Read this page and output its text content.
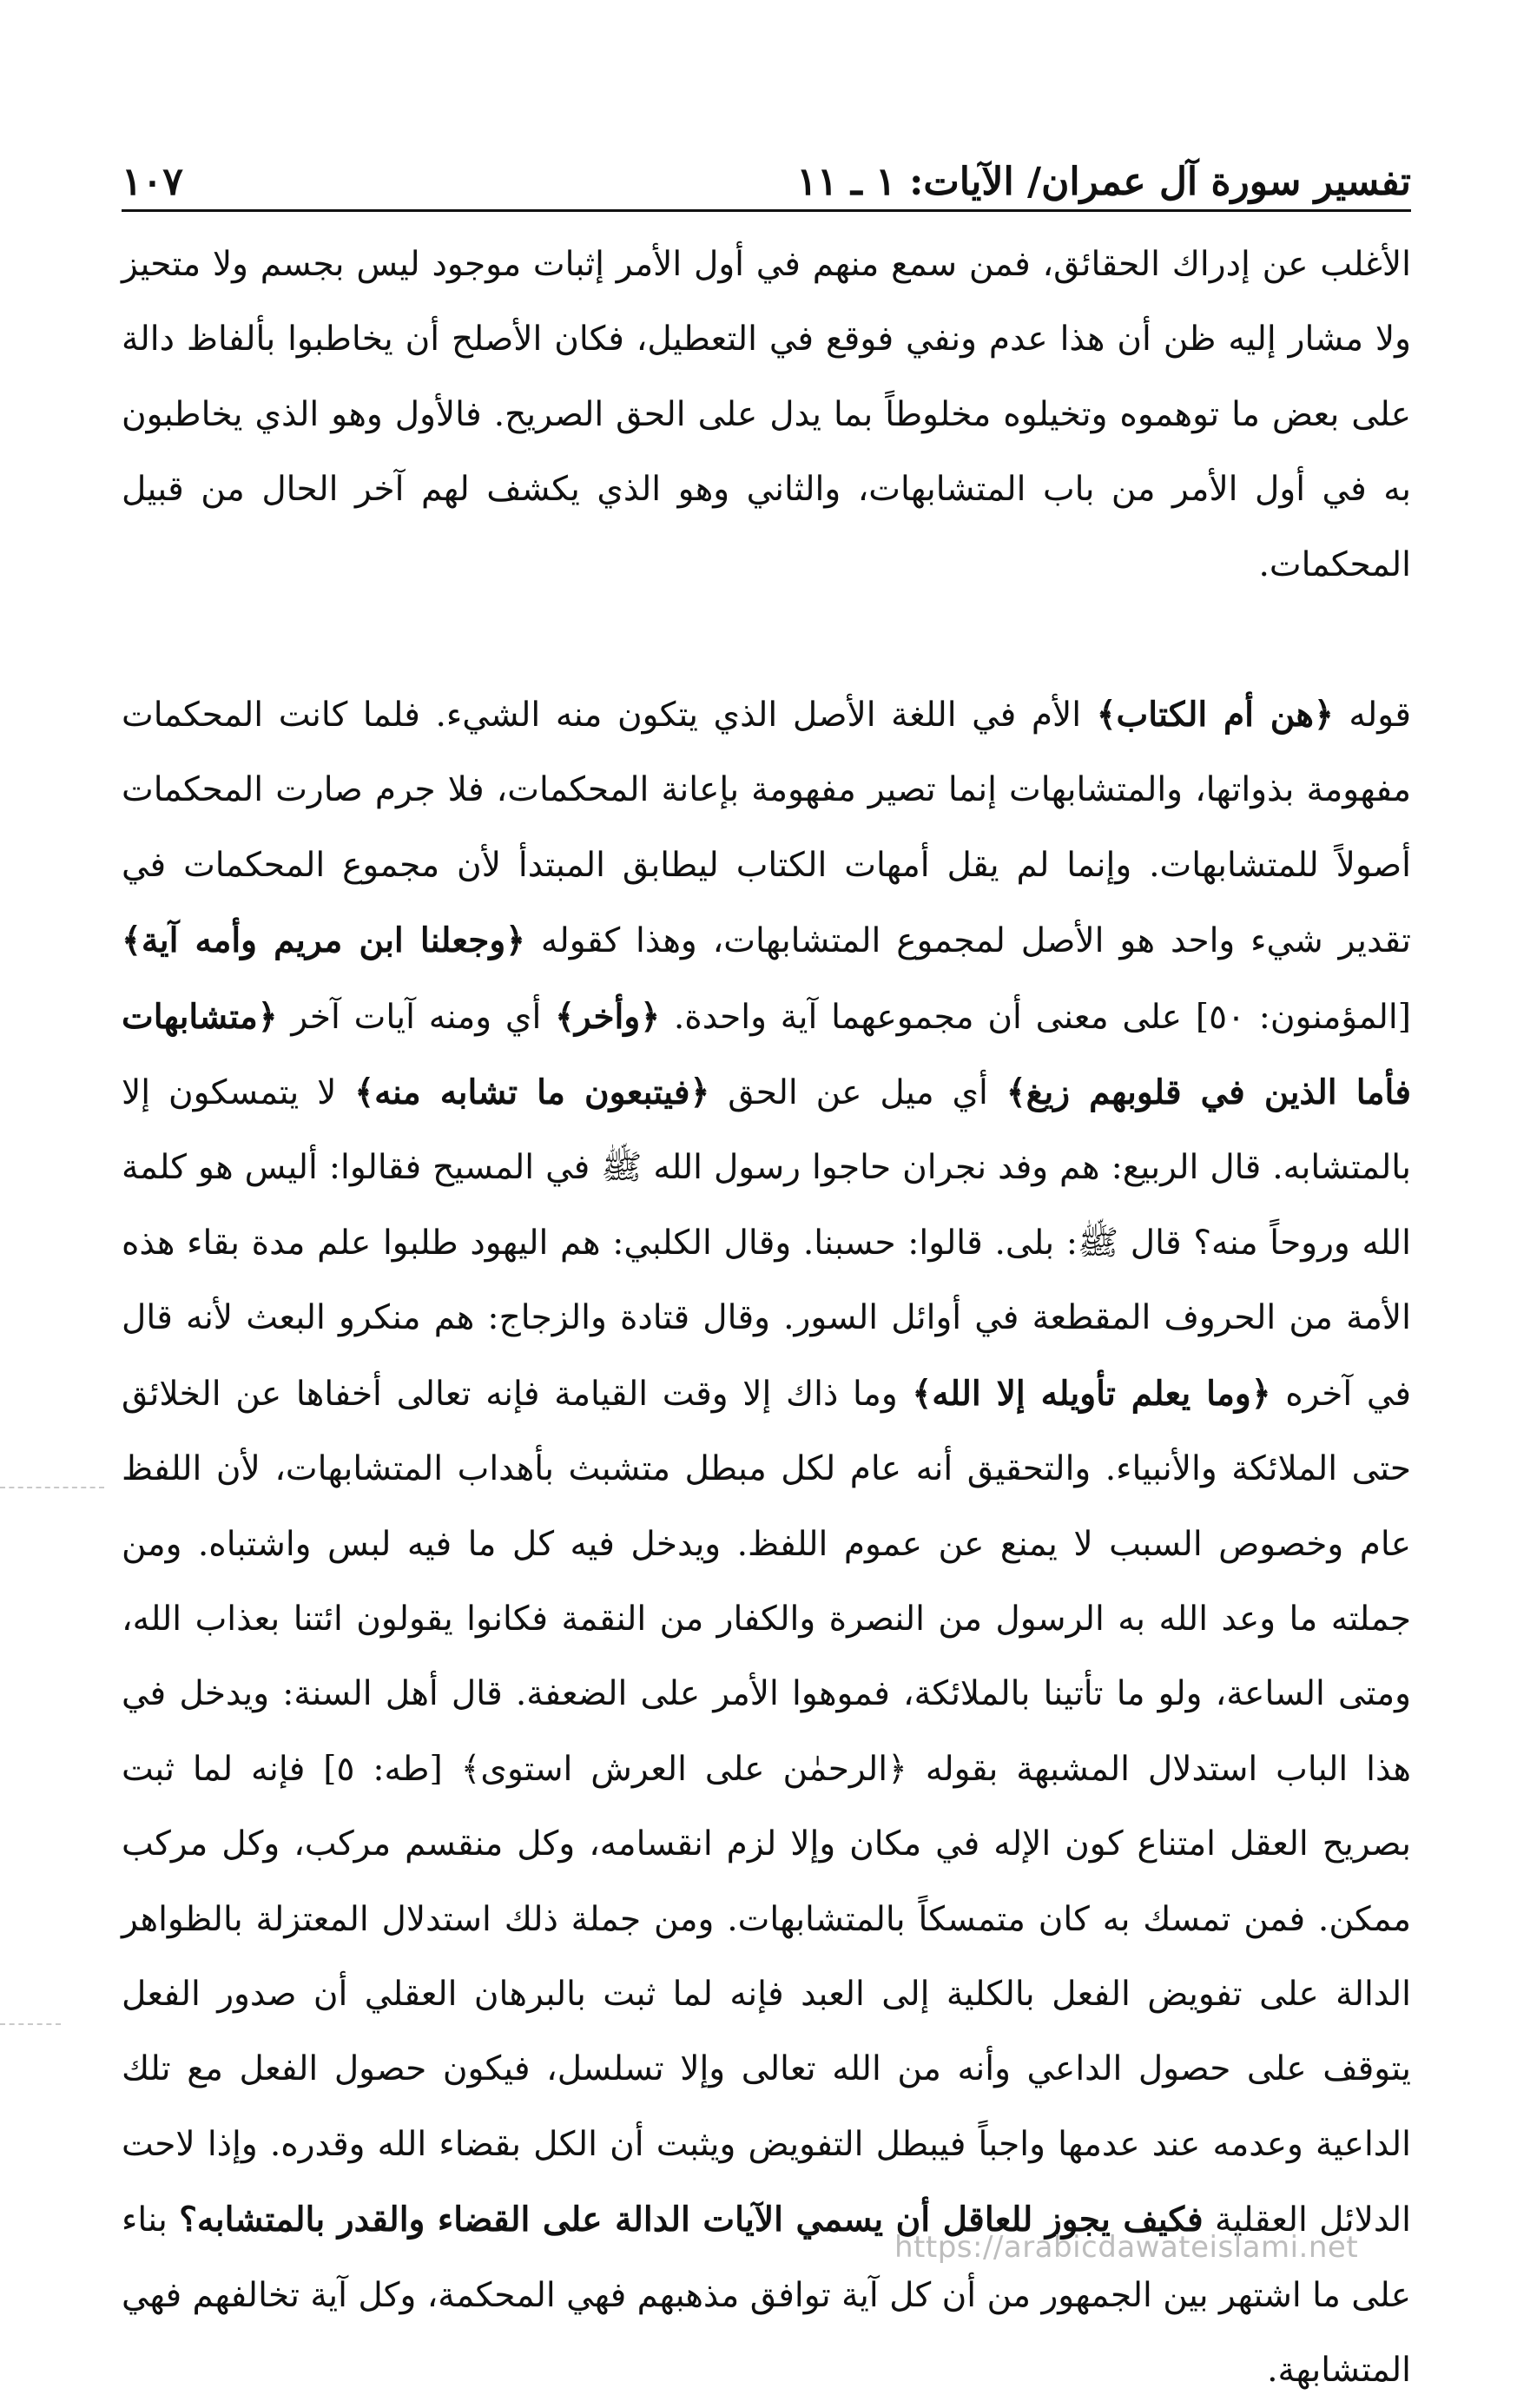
تفسير سورة آل عمران/ الآيات: ١ ـ ١١
١٠٧

الأغلب عن إدراك الحقائق، فمن سمع منهم في أول الأمر إثبات موجود ليس بجسم ولا متحيز ولا مشار إليه ظن أن هذا عدم ونفي فوقع في التعطيل، فكان الأصلح أن يخاطبوا بألفاظ دالة على بعض ما توهموه وتخيلوه مخلوطاً بما يدل على الحق الصريح. فالأول وهو الذي يخاطبون به في أول الأمر من باب المتشابهات، والثاني وهو الذي يكشف لهم آخر الحال من قبيل المحكمات.

قوله ﴿هن أم الكتاب﴾ الأم في اللغة الأصل الذي يتكون منه الشيء. فلما كانت المحكمات مفهومة بذواتها، والمتشابهات إنما تصير مفهومة بإعانة المحكمات، فلا جرم صارت المحكمات أصولاً للمتشابهات. وإنما لم يقل أمهات الكتاب ليطابق المبتدأ لأن مجموع المحكمات في تقدير شيء واحد هو الأصل لمجموع المتشابهات، وهذا كقوله ﴿وجعلنا ابن مريم وأمه آية﴾ [المؤمنون: ٥٠] على معنى أن مجموعهما آية واحدة. ﴿وأخر﴾ أي ومنه آيات آخر ﴿متشابهات فأما الذين في قلوبهم زيغ﴾ أي ميل عن الحق ﴿فيتبعون ما تشابه منه﴾ لا يتمسكون إلا بالمتشابه. قال الربيع: هم وفد نجران حاجوا رسول الله ﷺ في المسيح فقالوا: أليس هو كلمة الله وروحاً منه؟ قال ﷺ: بلى. قالوا: حسبنا. وقال الكلبي: هم اليهود طلبوا علم مدة بقاء هذه الأمة من الحروف المقطعة في أوائل السور. وقال قتادة والزجاج: هم منكرو البعث لأنه قال في آخره ﴿وما يعلم تأويله إلا الله﴾ وما ذاك إلا وقت القيامة فإنه تعالى أخفاها عن الخلائق حتى الملائكة والأنبياء. والتحقيق أنه عام لكل مبطل متشبث بأهداب المتشابهات، لأن اللفظ عام وخصوص السبب لا يمنع عن عموم اللفظ. ويدخل فيه كل ما فيه لبس واشتباه. ومن جملته ما وعد الله به الرسول من النصرة والكفار من النقمة فكانوا يقولون ائتنا بعذاب الله، ومتى الساعة، ولو ما تأتينا بالملائكة، فموهوا الأمر على الضعفة. قال أهل السنة: ويدخل في هذا الباب استدلال المشبهة بقوله ﴿الرحمٰن على العرش استوى﴾ [طه: ٥] فإنه لما ثبت بصريح العقل امتناع كون الإله في مكان وإلا لزم انقسامه، وكل منقسم مركب، وكل مركب ممكن. فمن تمسك به كان متمسكاً بالمتشابهات. ومن جملة ذلك استدلال المعتزلة بالظواهر الدالة على تفويض الفعل بالكلية إلى العبد فإنه لما ثبت بالبرهان العقلي أن صدور الفعل يتوقف على حصول الداعي وأنه من الله تعالى وإلا تسلسل، فيكون حصول الفعل مع تلك الداعية وعدمه عند عدمها واجباً فيبطل التفويض ويثبت أن الكل بقضاء الله وقدره. وإذا لاحت الدلائل العقلية فكيف يجوز للعاقل أن يسمي الآيات الدالة على القضاء والقدر بالمتشابه؟ بناء على ما اشتهر بين الجمهور من أن كل آية توافق مذهبهم فهي المحكمة، وكل آية تخالفهم فهي المتشابهة.

https://arabicdawateislami.net
